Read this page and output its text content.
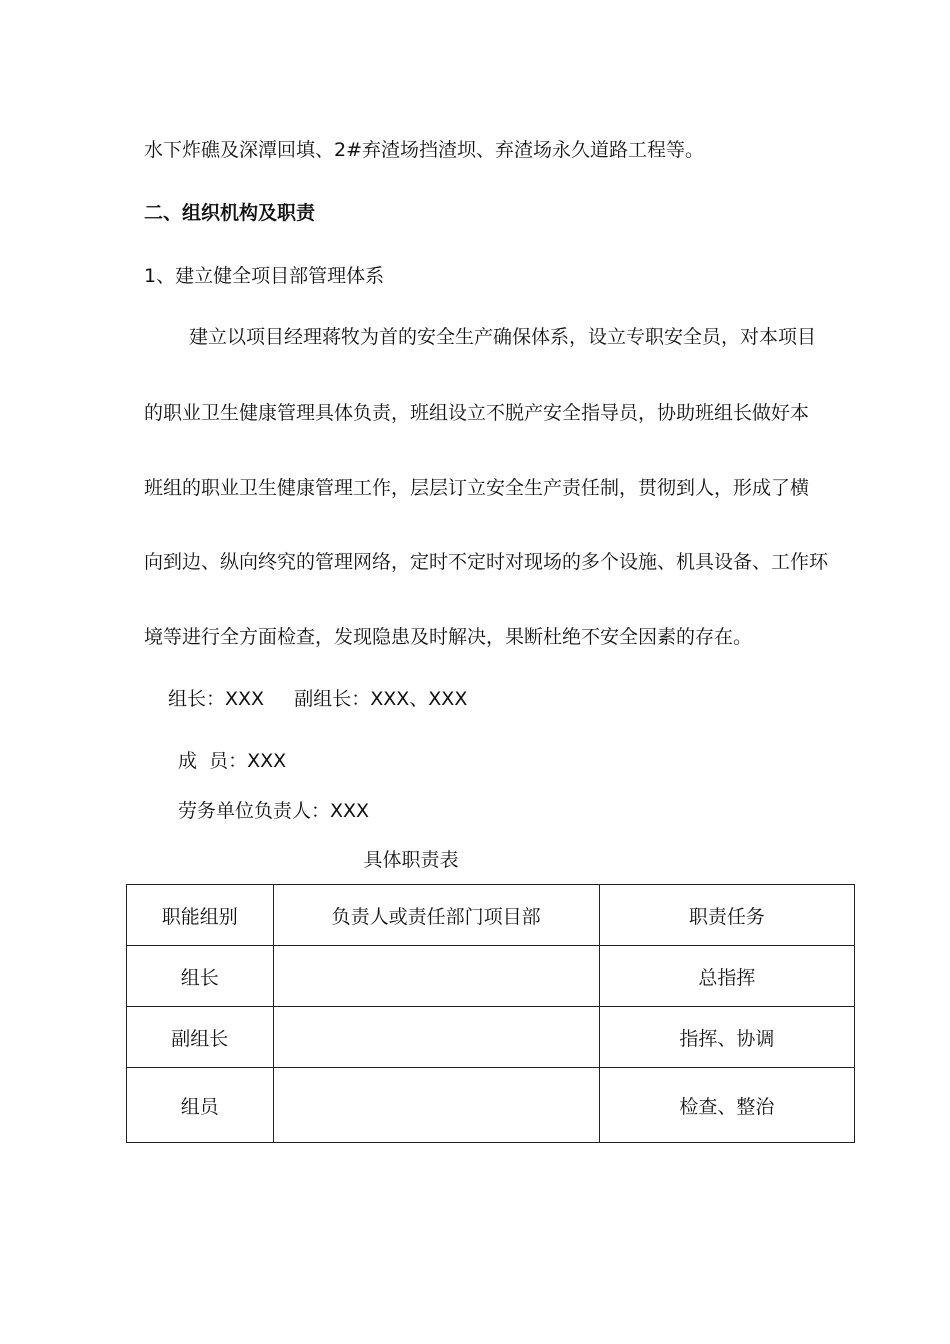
水下炸礁及深潭回填、2#弃渣场挡渣坝、弃渣场永久道路工程等。

二、组织机构及职责

1、建立健全项目部管理体系

建立以项目经理蒋牧为首的安全生产确保体系，设立专职安全员，对本项目

的职业卫生健康管理具体负责，班组设立不脱产安全指导员，协助班组长做好本

班组的职业卫生健康管理工作，层层订立安全生产责任制，贯彻到人，形成了横

向到边、纵向终究的管理网络，定时不定时对现场的多个设施、机具设备、工作环

境等进行全方面检查，发现隐患及时解决，果断杜绝不安全因素的存在。

组长：XXX     副组长：XXX、XXX

成  员：XXX

劳务单位负责人：XXX

具体职责表
职能组别	负责人或责任部门项目部	职责任务
组长		总指挥
副组长		指挥、协调
组员		检查、整治
